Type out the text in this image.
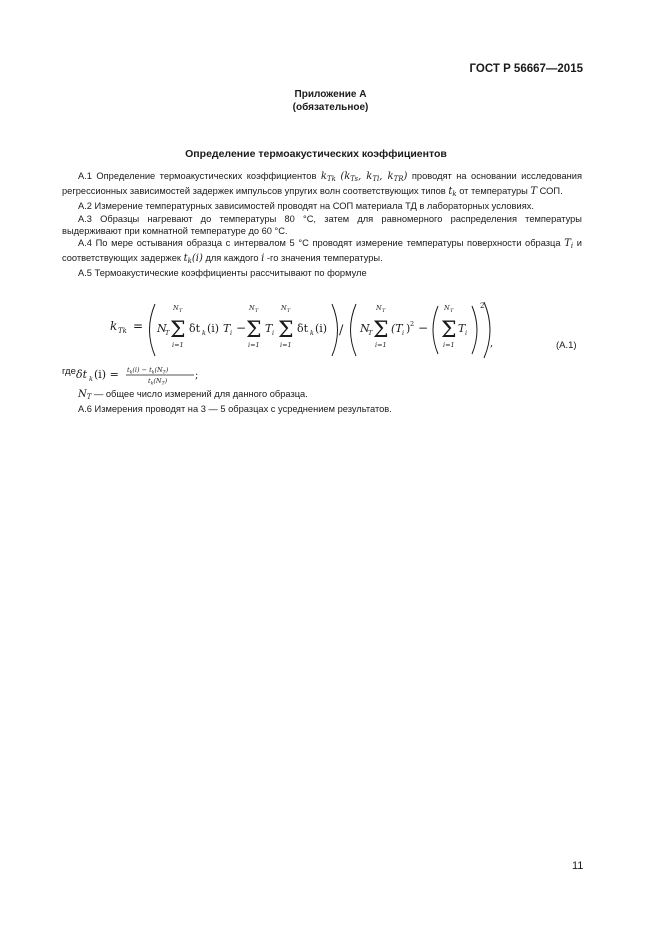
ГОСТ Р 56667—2015
Приложение А
(обязательное)
Определение термоакустических коэффициентов

А.1 Определение термоакустических коэффициентов $k_{Tk}$ ($k_{Ts}$, $k_{Tl}$, $k_{TR}$) проводят на основании исследования регрессионных зависимостей задержек импульсов упругих волн соответствующих типов $t_k$ от температуры T СОП.

А.2 Измерение температурных зависимостей проводят на СОП материала ТД в лабораторных условиях.

А.3 Образцы нагревают до температуры 80 °С, затем для равномерного распределения температуры выдерживают при комнатной температуре до 60 °С.

А.4 По мере остывания образца с интервалом 5 °С проводят измерение температуры поверхности образца $T_i$ и соответствующих задержек $t_k(i)$ для каждого i -го значения температуры.

А.5 Термоакустические коэффициенты рассчитывают по формуле

k Tk = N
T
N T
Σ
i=1
δt k (i) T i −
N T
Σ
i=1
T i
N T
Σ
i=1
δt k (i) / N
T
N T
Σ
i=1
(T i ) 2 −
N T
Σ
i=1
T i
2
,	(А.1)
где δt k $(i) = t_k(i) - t_k(N_T)$
$t_k(N_T)$	;
$N_T$ — общее число измерений для данного образца.
А.6 Измерения проводят на 3 — 5 образцах с усреднением результатов.
11
